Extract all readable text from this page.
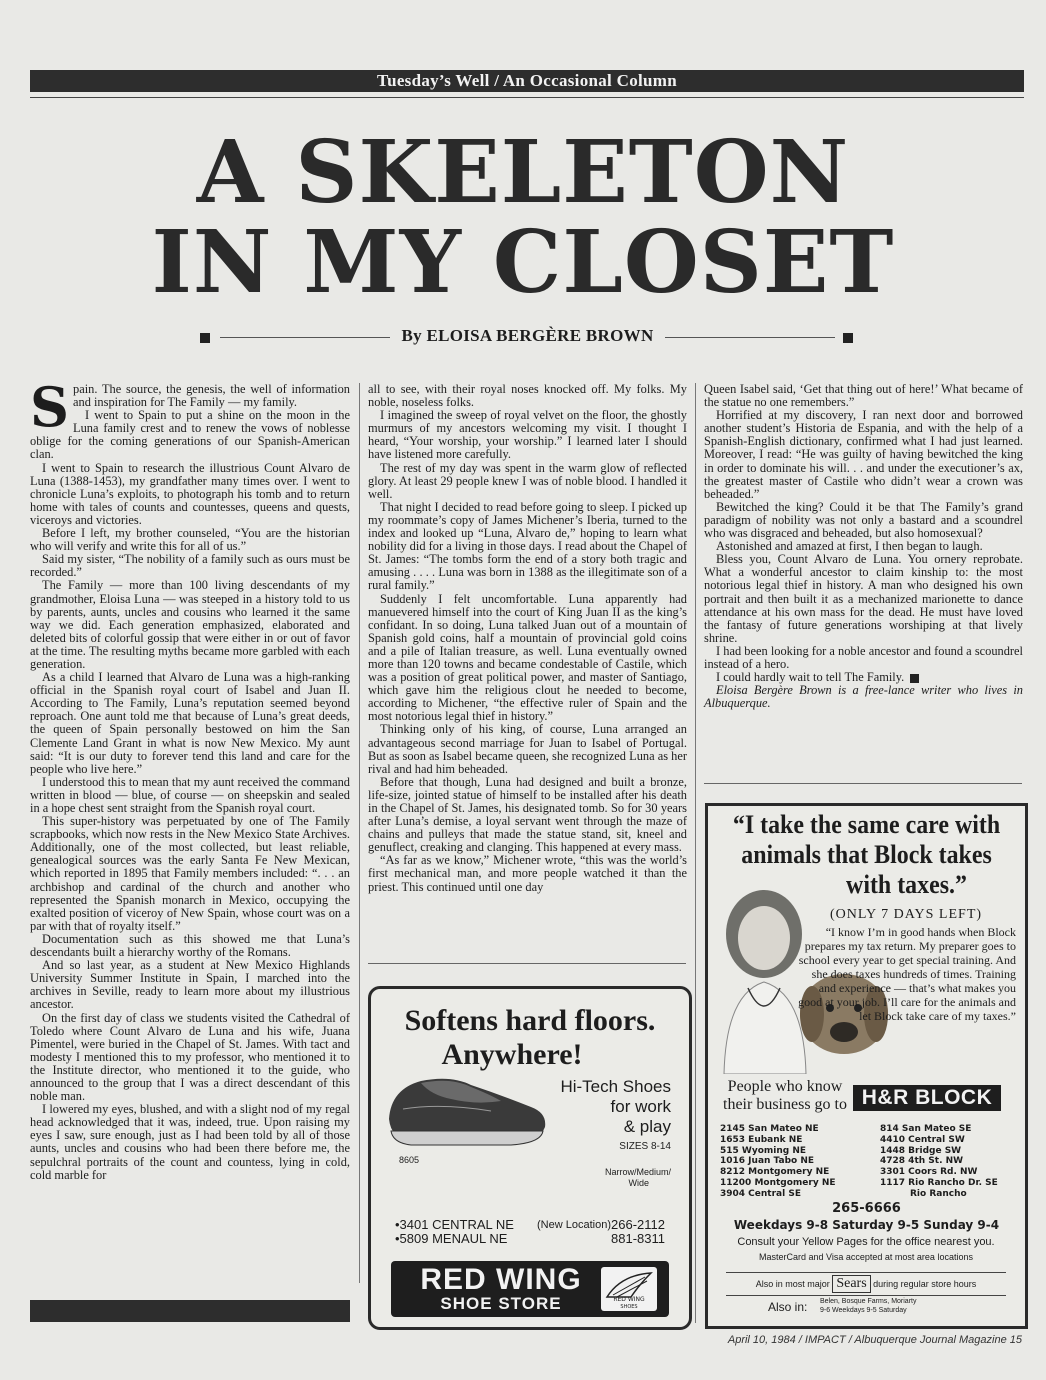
Tuesday’s Well / An Occasional Column
A SKELETON
IN MY CLOSET
By ELOISA BERGÈRE BROWN

Spain. The source, the genesis, the well of information and inspiration for The Family — my family.

I went to Spain to put a shine on the moon in the Luna family crest and to renew the vows of noblesse oblige for the coming generations of our Spanish-American clan.

I went to Spain to research the illustrious Count Alvaro de Luna (1388-1453), my grandfather many times over. I went to chronicle Luna’s exploits, to photograph his tomb and to return home with tales of counts and countesses, queens and quests, viceroys and victories.

Before I left, my brother counseled, “You are the historian who will verify and write this for all of us.”

Said my sister, “The nobility of a family such as ours must be recorded.”

The Family — more than 100 living descendants of my grandmother, Eloisa Luna — was steeped in a history told to us by parents, aunts, uncles and cousins who learned it the same way we did. Each generation emphasized, elaborated and deleted bits of colorful gossip that were either in or out of favor at the time. The resulting myths became more garbled with each generation.

As a child I learned that Alvaro de Luna was a high-ranking official in the Spanish royal court of Isabel and Juan II. According to The Family, Luna’s reputation seemed beyond reproach. One aunt told me that because of Luna’s great deeds, the queen of Spain personally bestowed on him the San Clemente Land Grant in what is now New Mexico. My aunt said: “It is our duty to forever tend this land and care for the people who live here.”

I understood this to mean that my aunt received the command written in blood — blue, of course — on sheepskin and sealed in a hope chest sent straight from the Spanish royal court.

This super-history was perpetuated by one of The Family scrapbooks, which now rests in the New Mexico State Archives. Additionally, one of the most collected, but least reliable, genealogical sources was the early Santa Fe New Mexican, which reported in 1895 that Family members included: “. . . an archbishop and cardinal of the church and another who represented the Spanish monarch in Mexico, occupying the exalted position of viceroy of New Spain, whose court was on a par with that of royalty itself.”

Documentation such as this showed me that Luna’s descendants built a hierarchy worthy of the Romans.

And so last year, as a student at New Mexico Highlands University Summer Institute in Spain, I marched into the archives in Seville, ready to learn more about my illustrious ancestor.

On the first day of class we students visited the Cathedral of Toledo where Count Alvaro de Luna and his wife, Juana Pimentel, were buried in the Chapel of St. James. With tact and modesty I mentioned this to my professor, who mentioned it to the Institute director, who mentioned it to the guide, who announced to the group that I was a direct descendant of this noble man.

I lowered my eyes, blushed, and with a slight nod of my regal head acknowledged that it was, indeed, true. Upon raising my eyes I saw, sure enough, just as I had been told by all of those aunts, uncles and cousins who had been there before me, the sepulchral portraits of the count and countess, lying in cold, cold marble for

all to see, with their royal noses knocked off. My folks. My noble, noseless folks.

I imagined the sweep of royal velvet on the floor, the ghostly murmurs of my ancestors welcoming my visit. I thought I heard, “Your worship, your worship.” I learned later I should have listened more carefully.

The rest of my day was spent in the warm glow of reflected glory. At least 29 people knew I was of noble blood. I handled it well.

That night I decided to read before going to sleep. I picked up my roommate’s copy of James Michener’s Iberia, turned to the index and looked up “Luna, Alvaro de,” hoping to learn what nobility did for a living in those days. I read about the Chapel of St. James: “The tombs form the end of a story both tragic and amusing . . . . Luna was born in 1388 as the illegitimate son of a rural family.”

Suddenly I felt uncomfortable. Luna apparently had manuevered himself into the court of King Juan II as the king’s confidant. In so doing, Luna talked Juan out of a mountain of Spanish gold coins, half a mountain of provincial gold coins and a pile of Italian treasure, as well. Luna eventually owned more than 120 towns and became condestable of Castile, which was a position of great political power, and master of Santiago, which gave him the religious clout he needed to become, according to Michener, “the effective ruler of Spain and the most notorious legal thief in history.”

Thinking only of his king, of course, Luna arranged an advantageous second marriage for Juan to Isabel of Portugal. But as soon as Isabel became queen, she recognized Luna as her rival and had him beheaded.

Before that though, Luna had designed and built a bronze, life-size, jointed statue of himself to be installed after his death in the Chapel of St. James, his designated tomb. So for 30 years after Luna’s demise, a loyal servant went through the maze of chains and pulleys that made the statue stand, sit, kneel and genuflect, creaking and clanging. This happened at every mass.

“As far as we know,” Michener wrote, “this was the world’s first mechanical man, and more people watched it than the priest. This continued until one day

Queen Isabel said, ‘Get that thing out of here!’ What became of the statue no one remembers.”

Horrified at my discovery, I ran next door and borrowed another student’s Historia de Espania, and with the help of a Spanish-English dictionary, confirmed what I had just learned. Moreover, I read: “He was guilty of having bewitched the king in order to dominate his will. . . and under the executioner’s ax, the greatest master of Castile who didn’t wear a crown was beheaded.”

Bewitched the king? Could it be that The Family’s grand paradigm of nobility was not only a bastard and a scoundrel who was disgraced and beheaded, but also homosexual?

Astonished and amazed at first, I then began to laugh.

Bless you, Count Alvaro de Luna. You ornery reprobate. What a wonderful ancestor to claim kinship to: the most notorious legal thief in history. A man who designed his own portrait and then built it as a mechanized marionette to dance attendance at his own mass for the dead. He must have loved the fantasy of future generations worshiping at that lively shrine.

I had been looking for a noble ancestor and found a scoundrel instead of a hero.

I could hardly wait to tell The Family.

Eloisa Bergère Brown is a free-lance writer who lives in Albuquerque.

Softens hard floors.
Anywhere!
8605
Hi-Tech Shoes
for work
& play
SIZES 8-14
Narrow/Medium/
Wide
•3401 CENTRAL NE (New Location) 266-2112
•5809 MENAUL NE	881-8311
RED WING
SHOE STORE	RED WING
SHOES
“I take the same care with
animals that Block takes
with taxes.”
(ONLY 7 DAYS LEFT)
“I know I’m in good hands when Block prepares my tax return. My preparer goes to school every year to get special training. And she does taxes hundreds of times. Training and experience — that’s what makes you good at your job. I’ll care for the animals and let Block take care of my taxes.”
People who know
their business go to H&R BLOCK
2145 San Mateo NE
1653 Eubank NE
515 Wyoming NE
1016 Juan Tabo NE
8212 Montgomery NE
11200 Montgomery NE
3904 Central SE
814 San Mateo SE
4410 Central SW
1448 Bridge SW
4728 4th St. NW
3301 Coors Rd. NW
1117 Rio Rancho Dr. SE
Rio Rancho
265-6666
Weekdays 9-8 Saturday 9-5 Sunday 9-4
Consult your Yellow Pages for the office nearest you.
MasterCard and Visa accepted at most area locations
Also in most major Sears during regular store hours
Also in:	Belen, Bosque Farms, Moriarty
9-6 Weekdays 9-5 Saturday
April 10, 1984 / IMPACT / Albuquerque Journal Magazine 15
